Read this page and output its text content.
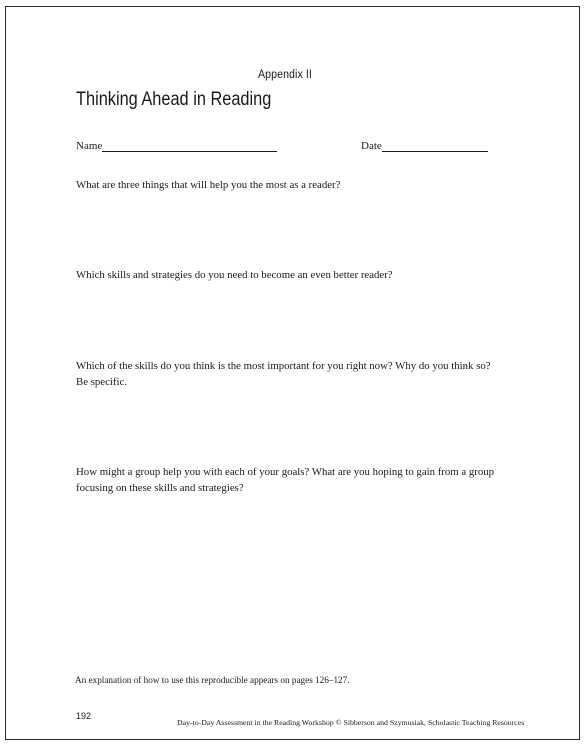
Appendix II

Thinking Ahead in Reading
Name	Date

What are three things that will help you the most as a reader?

Which skills and strategies do you need to become an even better reader?

Which of the skills do you think is the most important for you right now? Why do you think so? Be specific.

How might a group help you with each of your goals? What are you hoping to gain from a group focusing on these skills and strategies?

An explanation of how to use this reproducible appears on pages 126–127.

192

Day-to-Day Assessment in the Reading Workshop © Sibberson and Szymusiak, Scholastic Teaching Resources
